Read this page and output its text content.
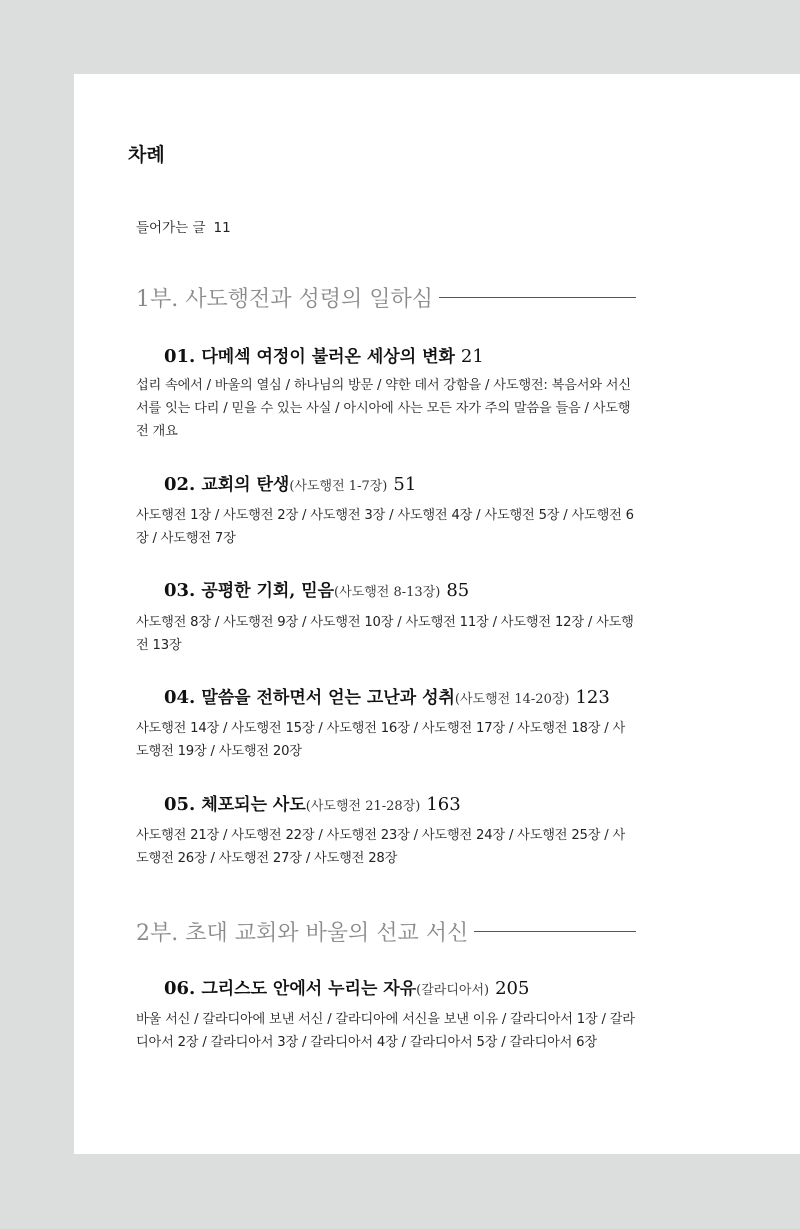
차례
들어가는 글 11
1부. 사도행전과 성령의 일하심
01. 다메섹 여정이 불러온 세상의 변화 21
섭리 속에서 / 바울의 열심 / 하나님의 방문 / 약한 데서 강함을 / 사도행전: 복음서와 서신서를 잇는 다리 / 믿을 수 있는 사실 / 아시아에 사는 모든 자가 주의 말씀을 들음 / 사도행전 개요
02. 교회의 탄생(사도행전 1-7장) 51
사도행전 1장 / 사도행전 2장 / 사도행전 3장 / 사도행전 4장 / 사도행전 5장 / 사도행전 6장 / 사도행전 7장
03. 공평한 기회, 믿음(사도행전 8-13장) 85
사도행전 8장 / 사도행전 9장 / 사도행전 10장 / 사도행전 11장 / 사도행전 12장 / 사도행전 13장
04. 말씀을 전하면서 얻는 고난과 성취(사도행전 14-20장) 123
사도행전 14장 / 사도행전 15장 / 사도행전 16장 / 사도행전 17장 / 사도행전 18장 / 사도행전 19장 / 사도행전 20장
05. 체포되는 사도(사도행전 21-28장) 163
사도행전 21장 / 사도행전 22장 / 사도행전 23장 / 사도행전 24장 / 사도행전 25장 / 사도행전 26장 / 사도행전 27장 / 사도행전 28장
2부. 초대 교회와 바울의 선교 서신
06. 그리스도 안에서 누리는 자유(갈라디아서) 205
바울 서신 / 갈라디아에 보낸 서신 / 갈라디아에 서신을 보낸 이유 / 갈라디아서 1장 / 갈라디아서 2장 / 갈라디아서 3장 / 갈라디아서 4장 / 갈라디아서 5장 / 갈라디아서 6장
